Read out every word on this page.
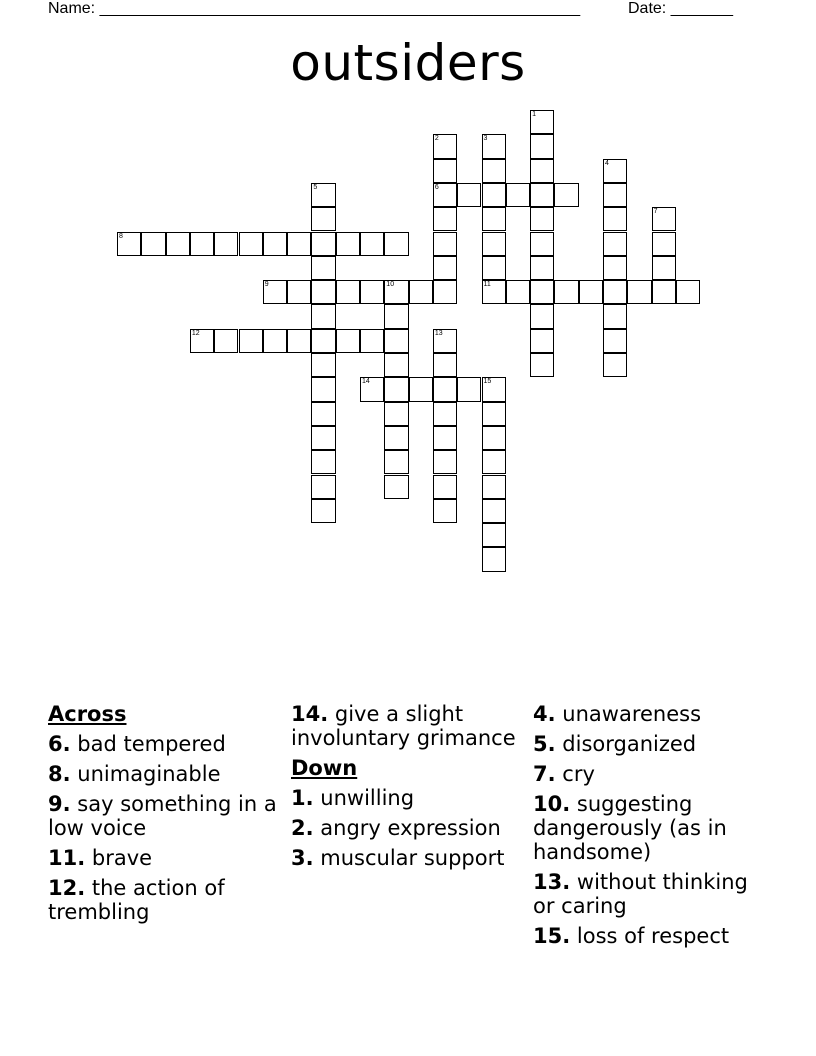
Name: ______________________________________________________	Date: _______
outsiders
1
2	3
4
5	6
7
8
9	10	11
12	13
14	15
Across
6. bad tempered
8. unimaginable
9. say something in a low voice
11. brave
12. the action of trembling
14. give a slight involuntary grimance
Down
1. unwilling
2. angry expression
3. muscular support
4. unawareness
5. disorganized
7. cry
10. suggesting dangerously (as in handsome)
13. without thinking or caring
15. loss of respect
